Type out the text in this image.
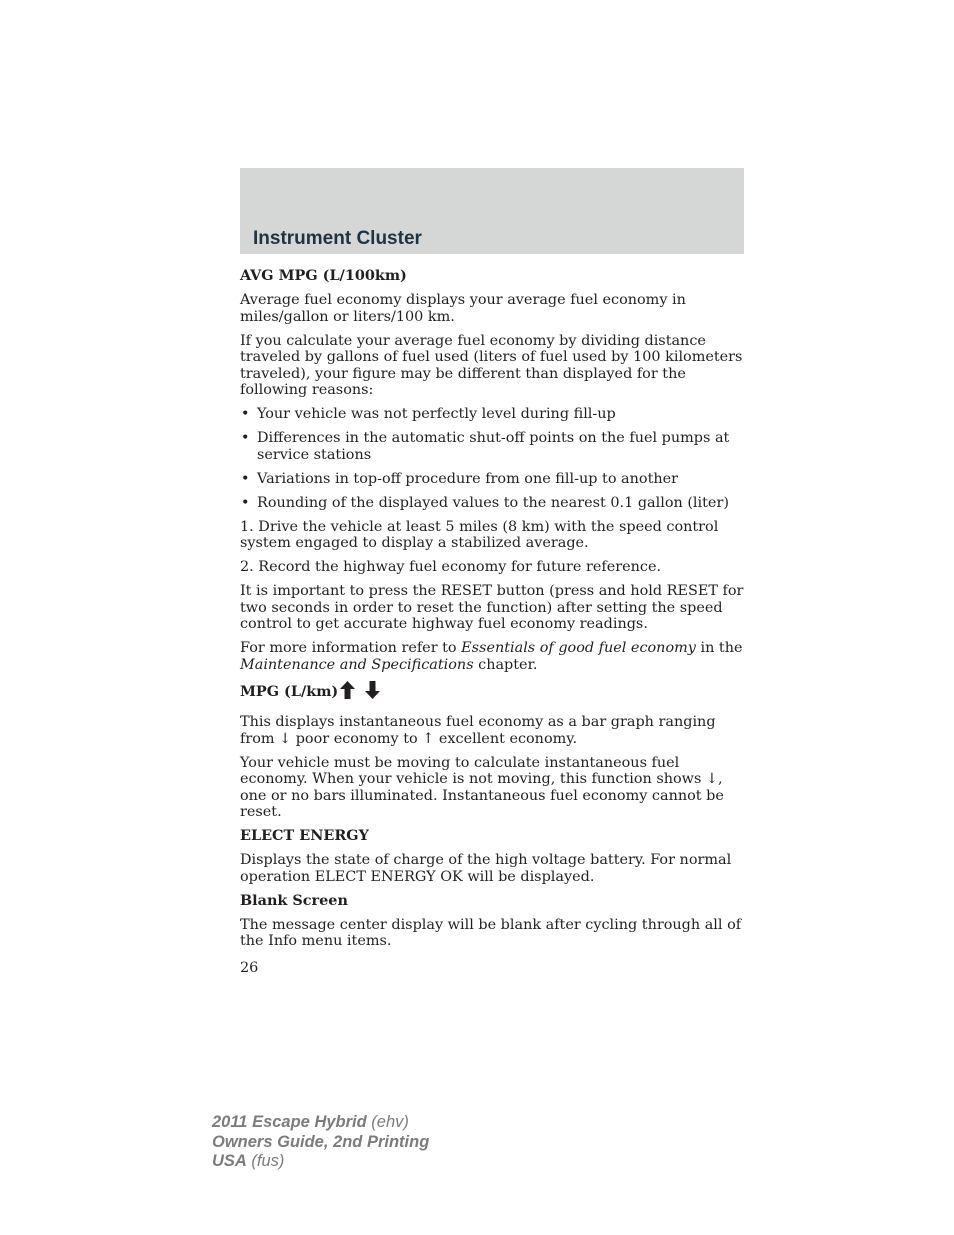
Instrument Cluster
AVG MPG (L/100km)

Average fuel economy displays your average fuel economy in miles/gallon or liters/100 km.

If you calculate your average fuel economy by dividing distance traveled by gallons of fuel used (liters of fuel used by 100 kilometers traveled), your figure may be different than displayed for the following reasons:

• Your vehicle was not perfectly level during fill-up
• Differences in the automatic shut-off points on the fuel pumps at service stations
• Variations in top-off procedure from one fill-up to another
• Rounding of the displayed values to the nearest 0.1 gallon (liter)

1. Drive the vehicle at least 5 miles (8 km) with the speed control system engaged to display a stabilized average.

2. Record the highway fuel economy for future reference.

It is important to press the RESET button (press and hold RESET for two seconds in order to reset the function) after setting the speed control to get accurate highway fuel economy readings.

For more information refer to Essentials of good fuel economy in the Maintenance and Specifications chapter.

MPG (L/km)

This displays instantaneous fuel economy as a bar graph ranging from ↓ poor economy to ↑ excellent economy.

Your vehicle must be moving to calculate instantaneous fuel economy. When your vehicle is not moving, this function shows ↓, one or no bars illuminated. Instantaneous fuel economy cannot be reset.

ELECT ENERGY

Displays the state of charge of the high voltage battery. For normal operation ELECT ENERGY OK will be displayed.

Blank Screen

The message center display will be blank after cycling through all of the Info menu items.

26
2011 Escape Hybrid (ehv)
Owners Guide, 2nd Printing
USA (fus)
